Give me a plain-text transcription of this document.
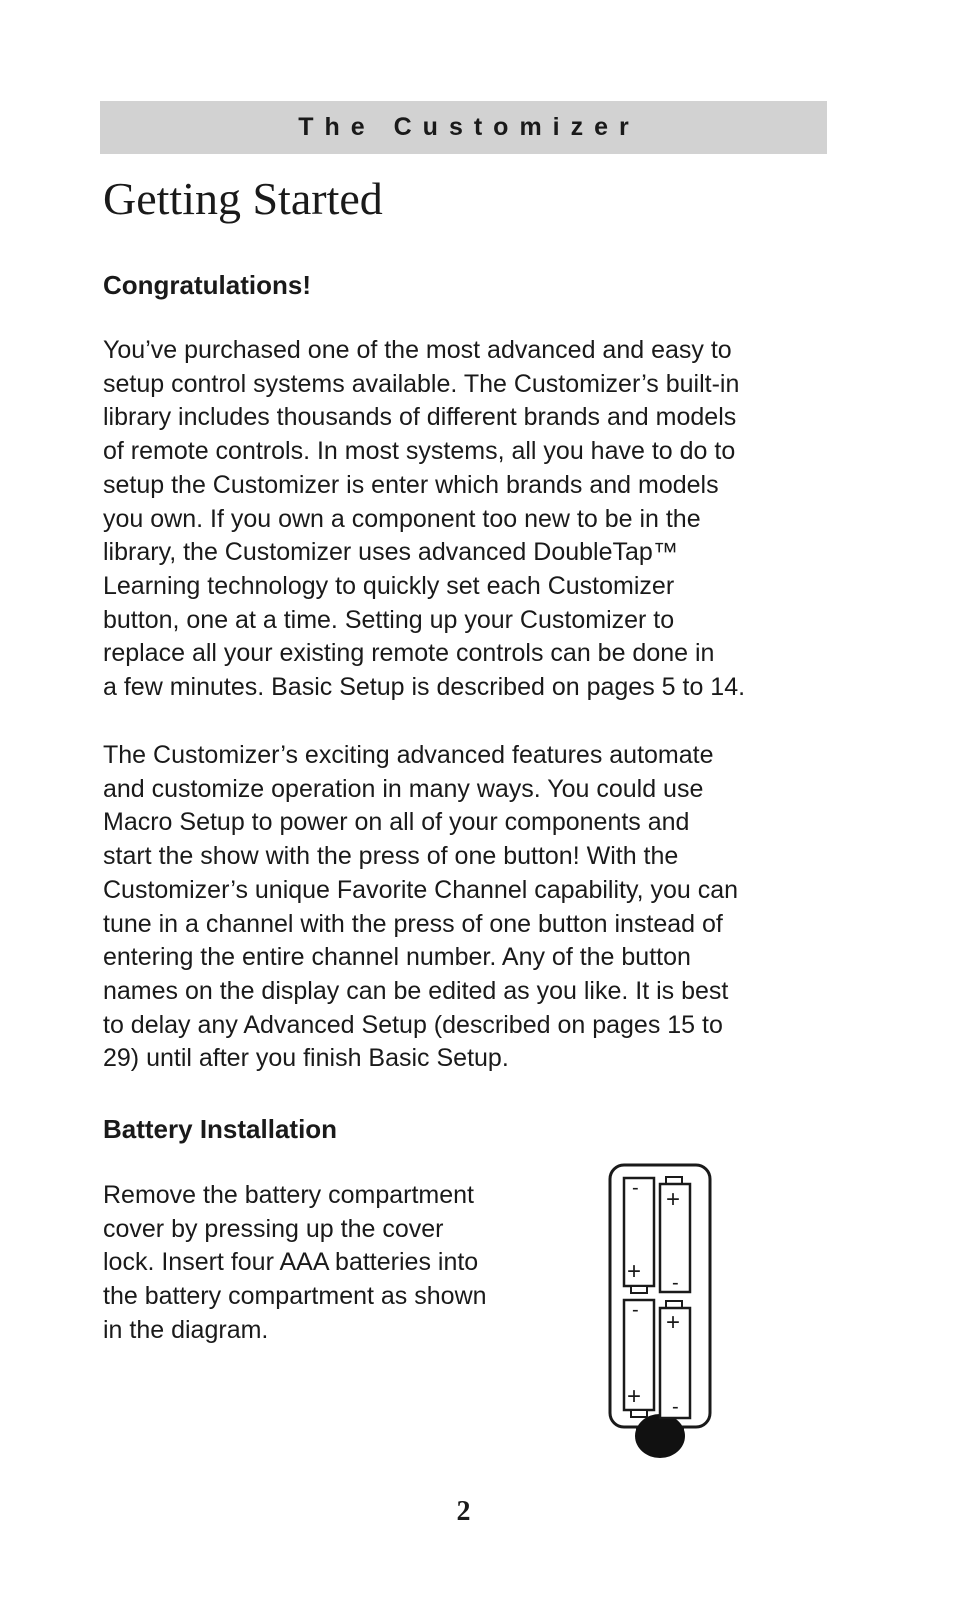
The Customizer
Getting Started
Congratulations!

You’ve purchased one of the most advanced and easy to
setup control systems available. The Customizer’s built-in
library includes thousands of different brands and models
of remote controls. In most systems, all you have to do to
setup the Customizer is enter which brands and models
you own. If you own a component too new to be in the
library, the Customizer uses advanced DoubleTap™
Learning technology to quickly set each Customizer
button, one at a time. Setting up your Customizer to
replace all your existing remote controls can be done in
a few minutes. Basic Setup is described on pages 5 to 14.

The Customizer’s exciting advanced features automate
and customize operation in many ways. You could use
Macro Setup to power on all of your components and
start the show with the press of one button! With the
Customizer’s unique Favorite Channel capability, you can
tune in a channel with the press of one button instead of
entering the entire channel number. Any of the button
names on the display can be edited as you like. It is best
to delay any Advanced Setup (described on pages 15 to
29) until after you finish Basic Setup.

Battery Installation

Remove the battery compartment
cover by pressing up the cover
lock. Insert four AAA batteries into
the battery compartment as shown
in the diagram.

-
+
+
-
-
+
+
-
2
